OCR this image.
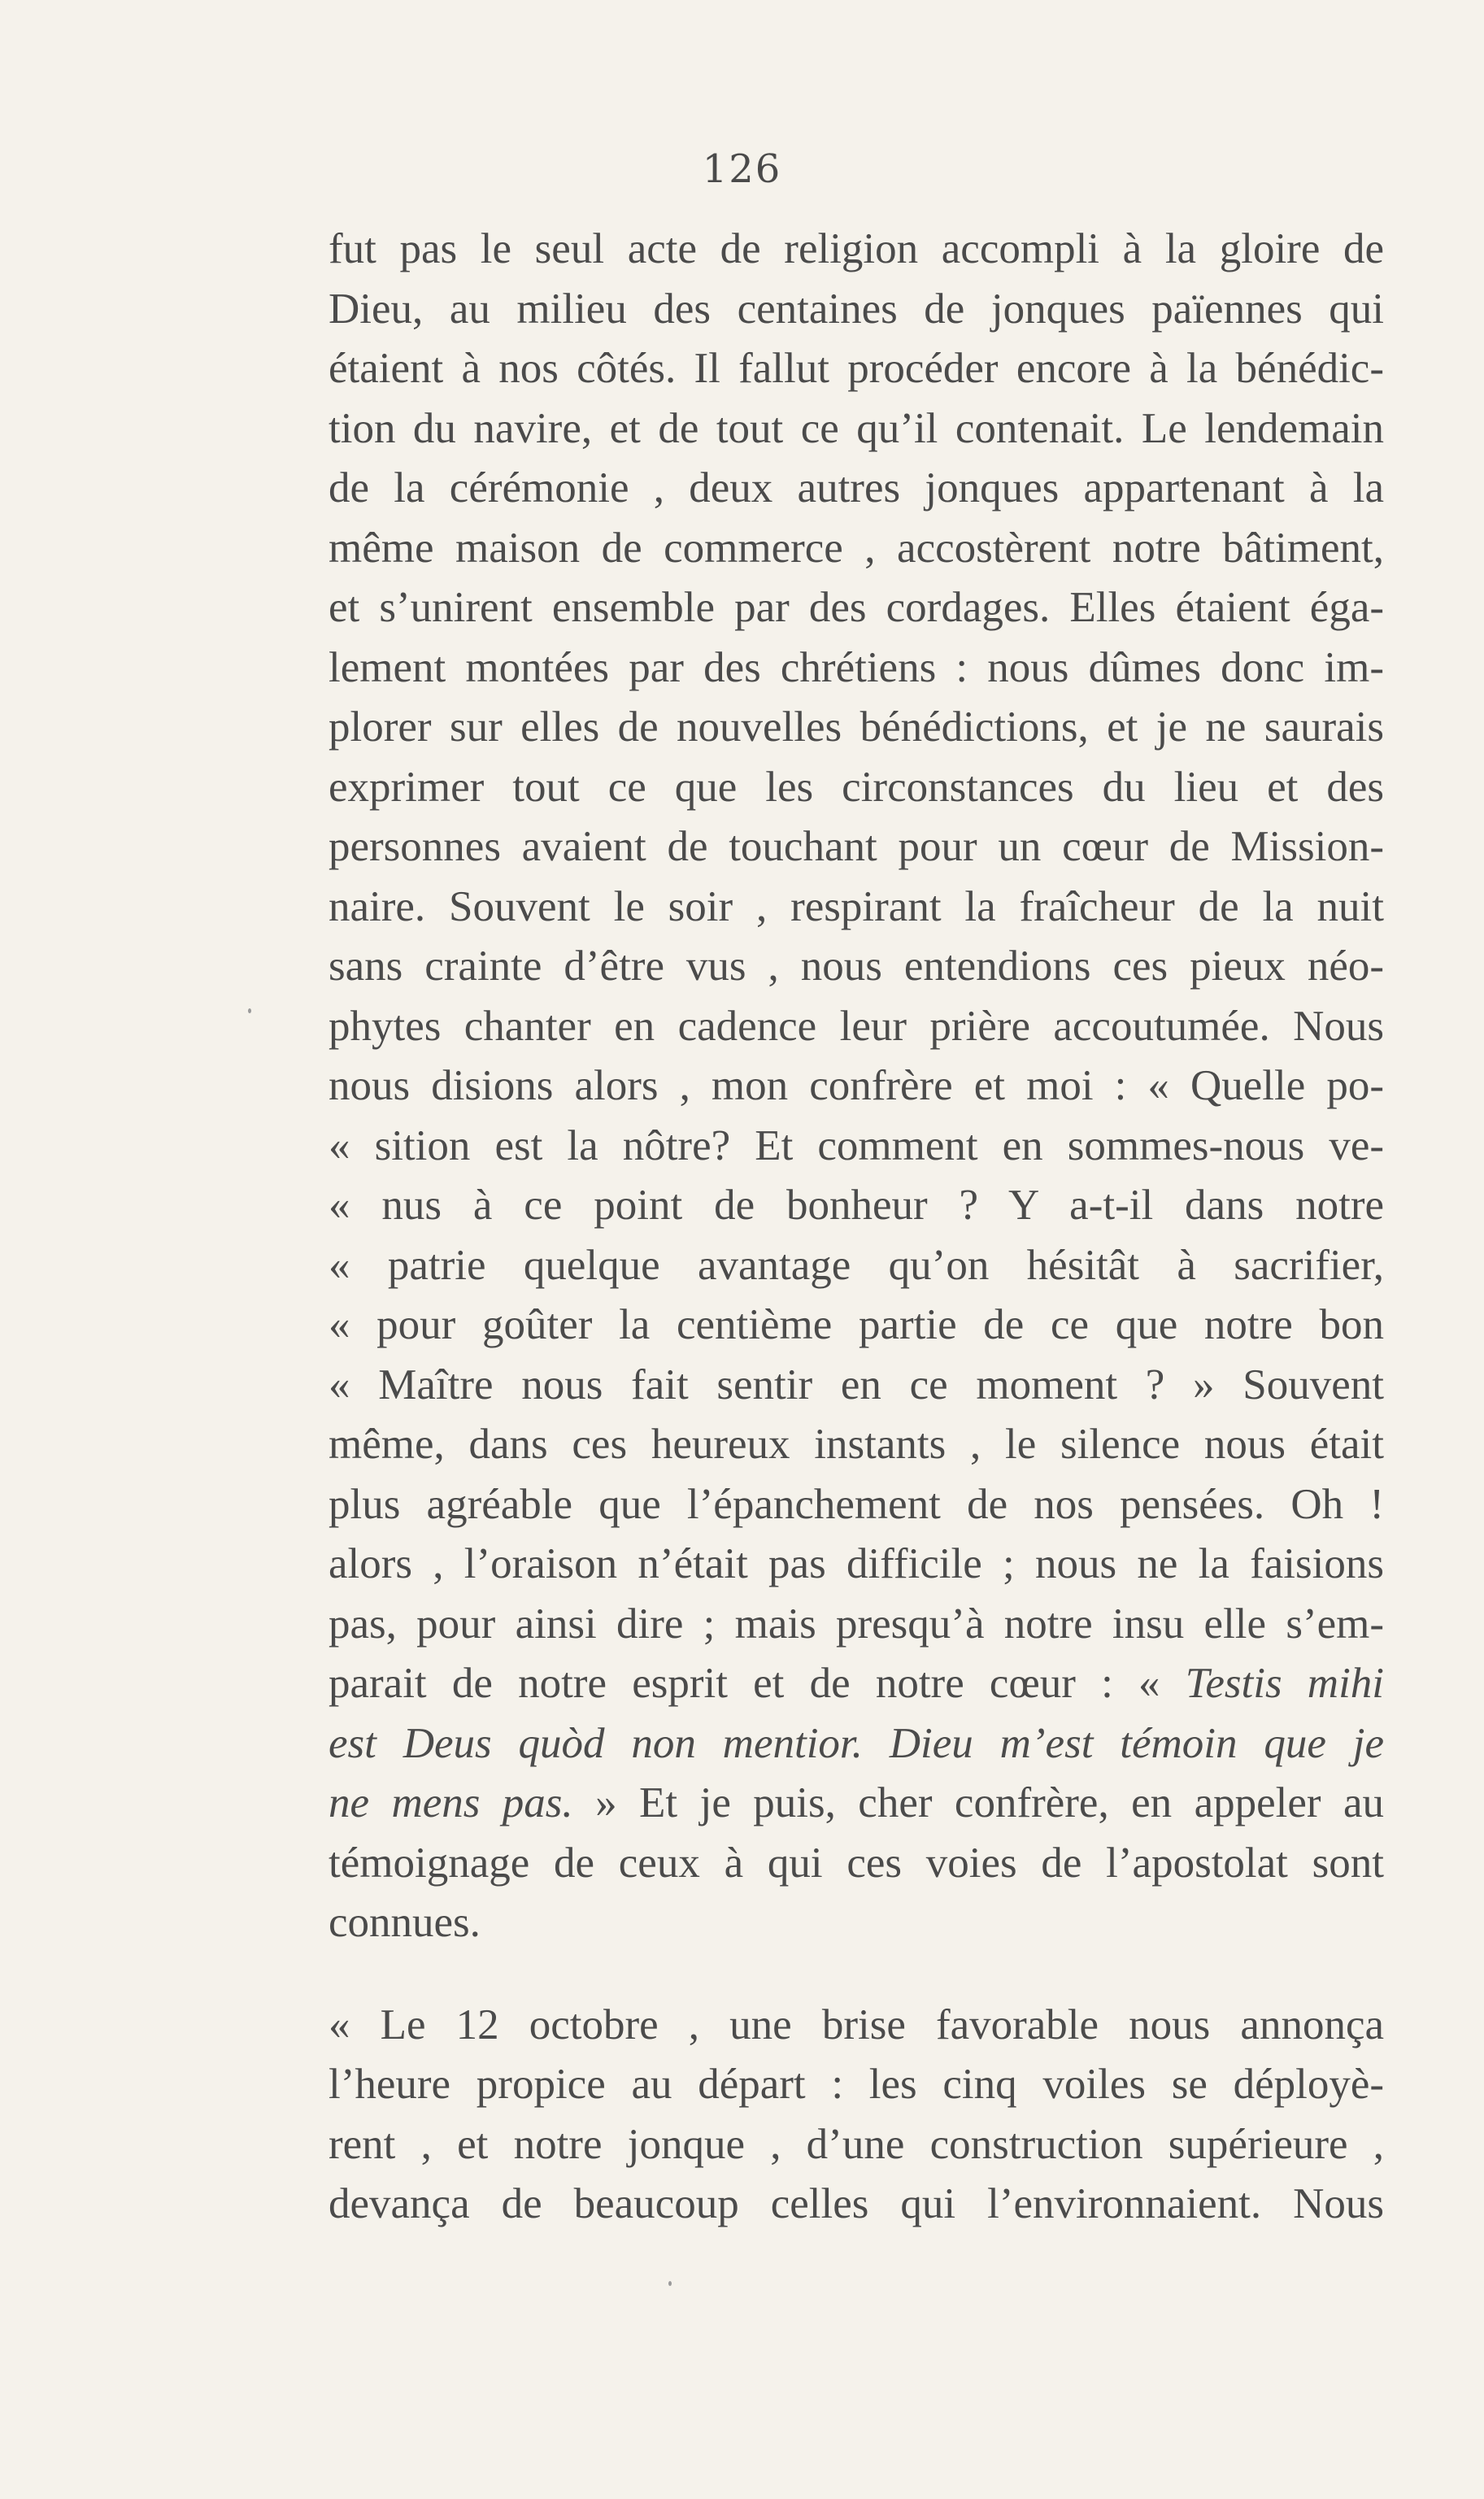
126
fut pas le seul acte de religion accompli à la gloire de
Dieu, au milieu des centaines de jonques païennes qui
étaient à nos côtés. Il fallut procéder encore à la bénédic-
tion du navire, et de tout ce qu’il contenait. Le lendemain
de la cérémonie , deux autres jonques appartenant à la
même maison de commerce , accostèrent notre bâtiment,
et s’unirent ensemble par des cordages. Elles étaient éga-
lement montées par des chrétiens : nous dûmes donc im-
plorer sur elles de nouvelles bénédictions, et je ne saurais
exprimer tout ce que les circonstances du lieu et des
personnes avaient de touchant pour un cœur de Mission-
naire. Souvent le soir , respirant la fraîcheur de la nuit
sans crainte d’être vus , nous entendions ces pieux néo-
phytes chanter en cadence leur prière accoutumée. Nous
nous disions alors , mon confrère et moi : « Quelle po-
« sition est la nôtre? Et comment en sommes-nous ve-
« nus à ce point de bonheur ? Y a-t-il dans notre
« patrie quelque avantage qu’on hésitât à sacrifier,
« pour goûter la centième partie de ce que notre bon
« Maître nous fait sentir en ce moment ? » Souvent
même, dans ces heureux instants , le silence nous était
plus agréable que l’épanchement de nos pensées. Oh !
alors , l’oraison n’était pas difficile ; nous ne la faisions
pas, pour ainsi dire ; mais presqu’à notre insu elle s’em-
parait de notre esprit et de notre cœur : « Testis mihi
est Deus quòd non mentior. Dieu m’est témoin que je
ne mens pas. » Et je puis, cher confrère, en appeler au
témoignage de ceux à qui ces voies de l’apostolat sont
connues.
« Le 12 octobre , une brise favorable nous annonça
l’heure propice au départ : les cinq voiles se déployè-
rent , et notre jonque , d’une construction supérieure ,
devança de beaucoup celles qui l’environnaient. Nous
